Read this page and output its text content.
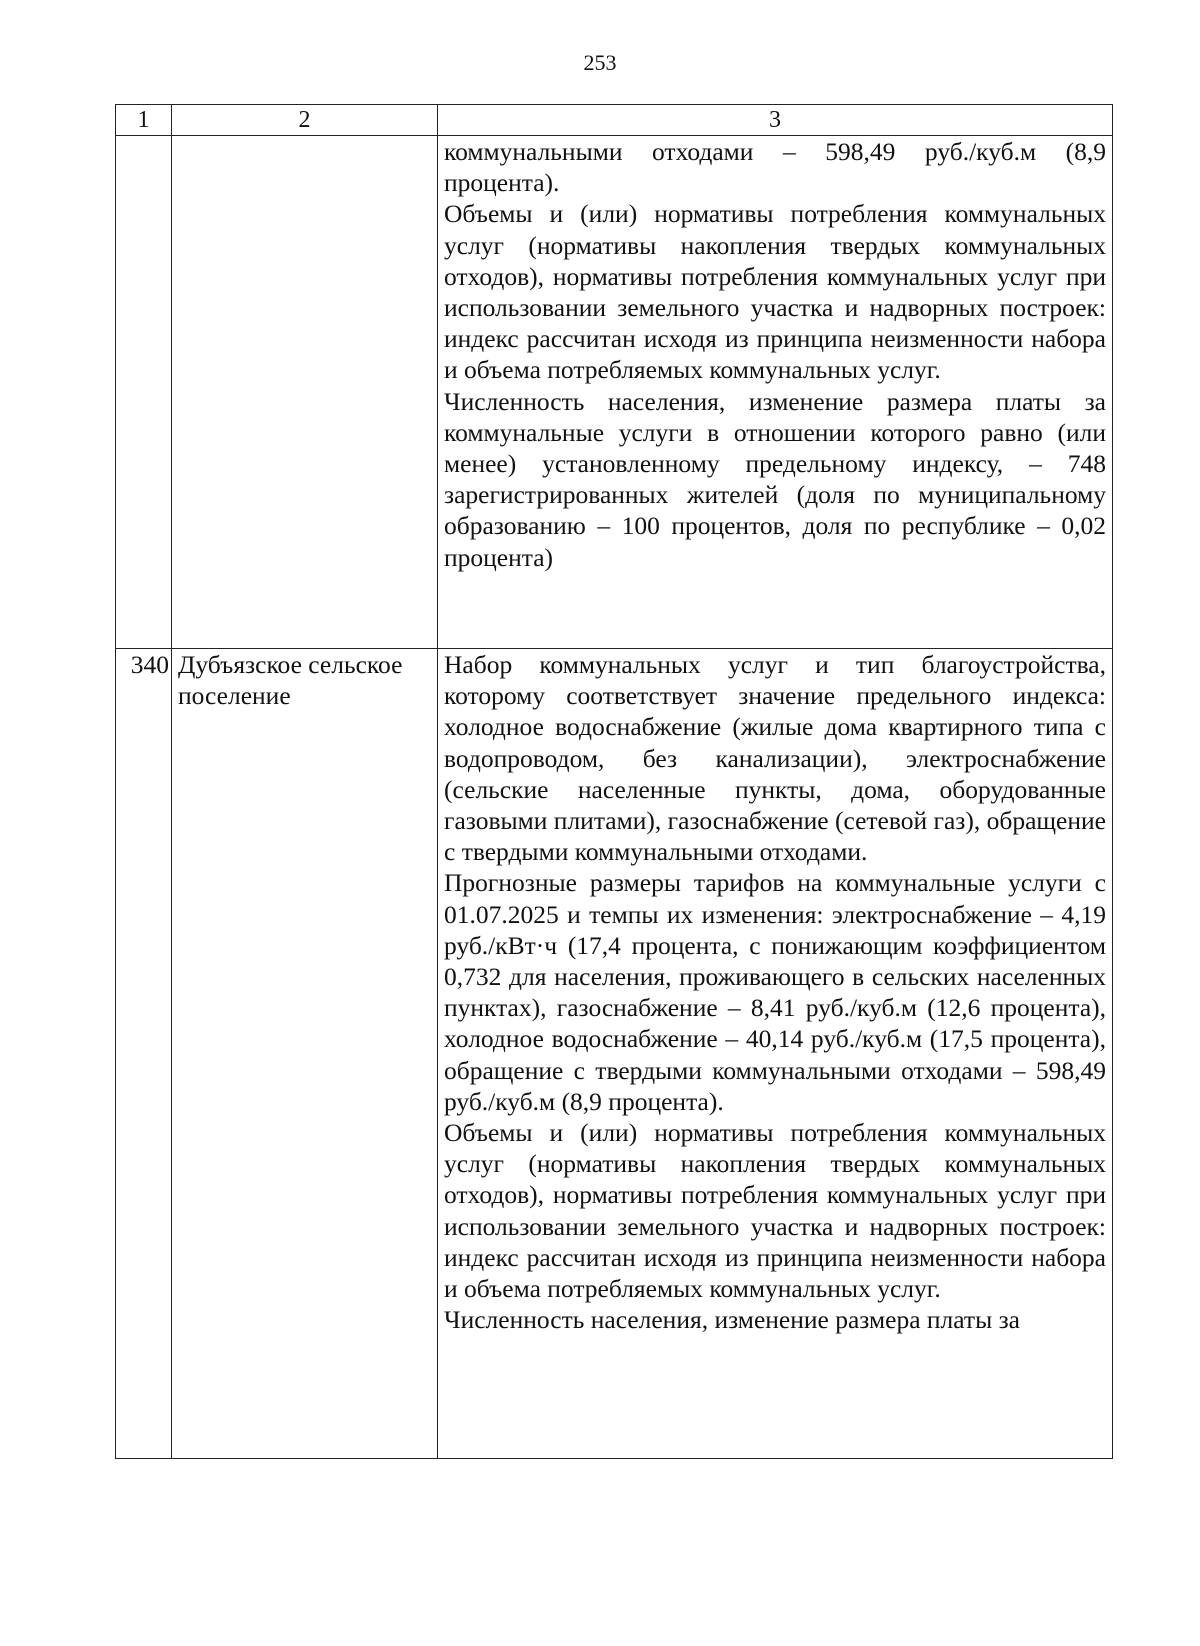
253
1	2	3

		коммунальными отходами – 598,49 руб./куб.м (8,9 процента).
Объемы и (или) нормативы потребления коммунальных услуг (нормативы накопления твердых коммунальных отходов), нормативы потребления коммунальных услуг при использовании земельного участка и надворных построек: индекс рассчитан исходя из принципа неизменности набора и объема потребляемых коммунальных услуг.
Численность населения, изменение размера платы за коммунальные услуги в отношении которого равно (или менее) установленному предельному индексу, – 748 зарегистрированных жителей (доля по муниципальному образованию – 100 процентов, доля по республике – 0,02 процента)

340	Дубъязское сельское поселение	Набор коммунальных услуг и тип благоустройства, которому соответствует значение предельного индекса: холодное водоснабжение (жилые дома квартирного типа с водопроводом, без канализации), электроснабжение (сельские населенные пункты, дома, оборудованные газовыми плитами), газоснабжение (сетевой газ), обращение с твердыми коммунальными отходами.
Прогнозные размеры тарифов на коммунальные услуги с 01.07.2025 и темпы их изменения: электроснабжение – 4,19 руб./кВт·ч (17,4 процента, с понижающим коэффициентом 0,732 для населения, проживающего в сельских населенных пунктах), газоснабжение – 8,41 руб./куб.м (12,6 процента), холодное водоснабжение – 40,14 руб./куб.м (17,5 процента), обращение с твердыми коммунальными отходами – 598,49 руб./куб.м (8,9 процента).
Объемы и (или) нормативы потребления коммунальных услуг (нормативы накопления твердых коммунальных отходов), нормативы потребления коммунальных услуг при использовании земельного участка и надворных построек: индекс рассчитан исходя из принципа неизменности набора и объема потребляемых коммунальных услуг.
Численность населения, изменение размера платы за
